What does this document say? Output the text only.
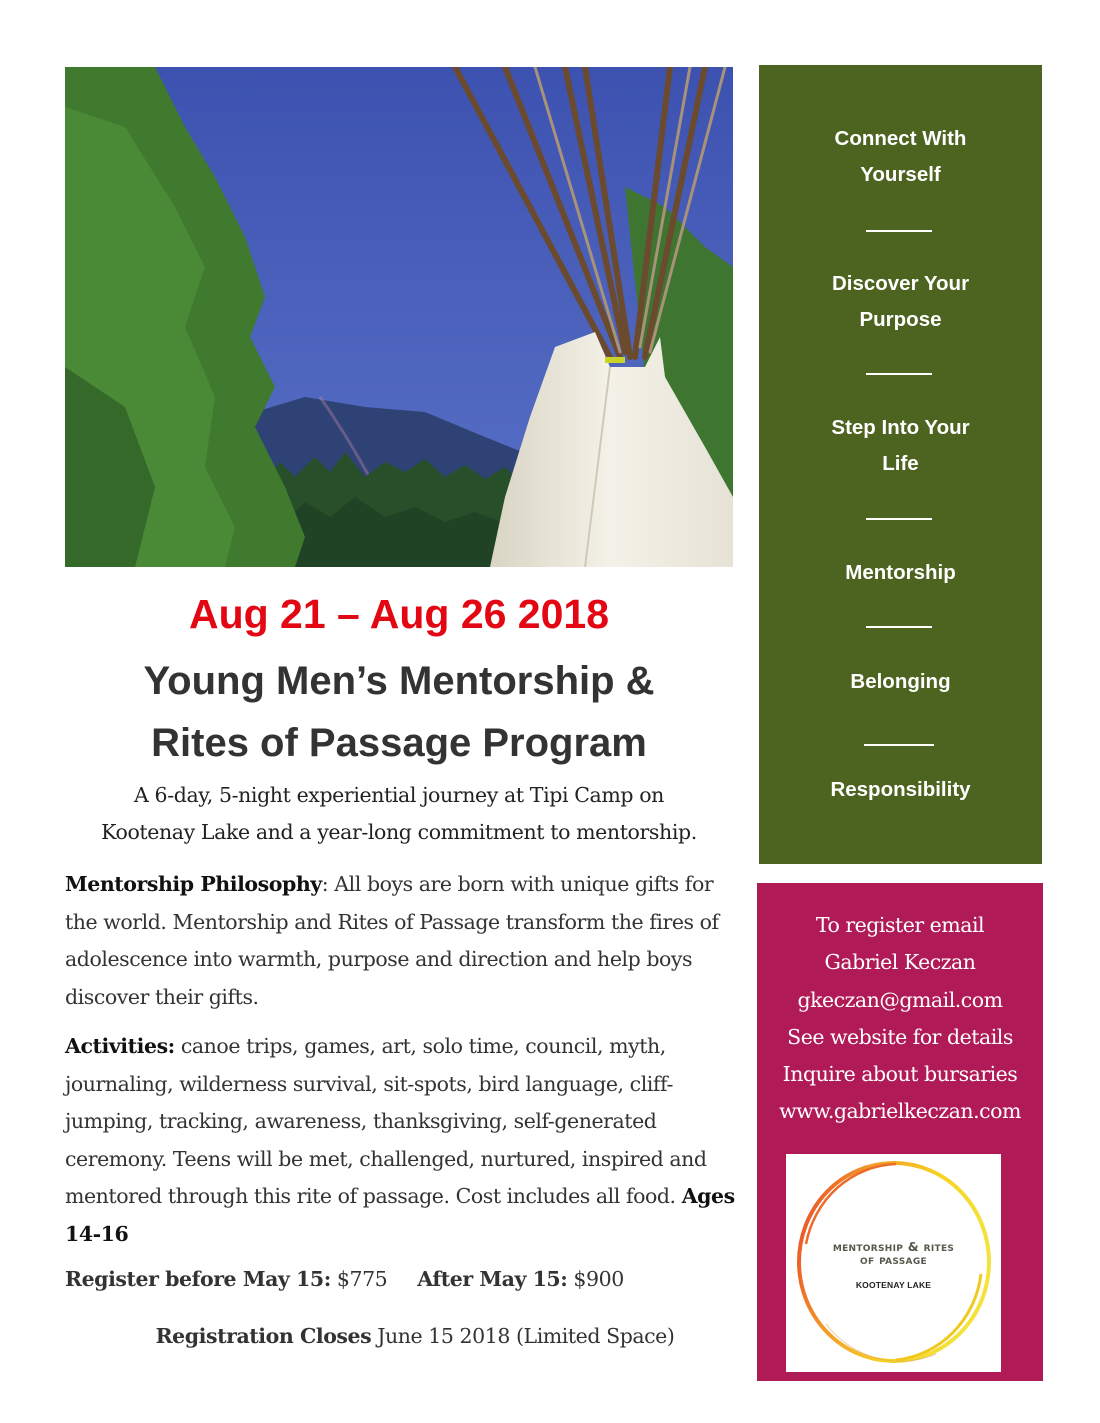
Aug 21 – Aug 26 2018
Young Men’s Mentorship &
Rites of Passage Program
A 6-day, 5-night experiential journey at Tipi Camp on
Kootenay Lake and a year-long commitment to mentorship.
Mentorship Philosophy: All boys are born with unique gifts for the world. Mentorship and Rites of Passage transform the fires of adolescence into warmth, purpose and direction and help boys discover their gifts.
Activities: canoe trips, games, art, solo time, council, myth, journaling, wilderness survival, sit-spots, bird language, cliff-jumping, tracking, awareness, thanksgiving, self-generated ceremony. Teens will be met, challenged, nurtured, inspired and mentored through this rite of passage. Cost includes all food. Ages 14-16
Register before May 15: $775 After May 15: $900
Registration Closes June 15 2018 (Limited Space)
Connect With
Yourself
Discover Your
Purpose
Step Into Your
Life
Mentorship
Belonging
Responsibility
To register email
Gabriel Keczan
gkeczan@gmail.com
See website for details
Inquire about bursaries
www.gabrielkeczan.com
mentorship & rites
of passage
KOOTENAY LAKE
